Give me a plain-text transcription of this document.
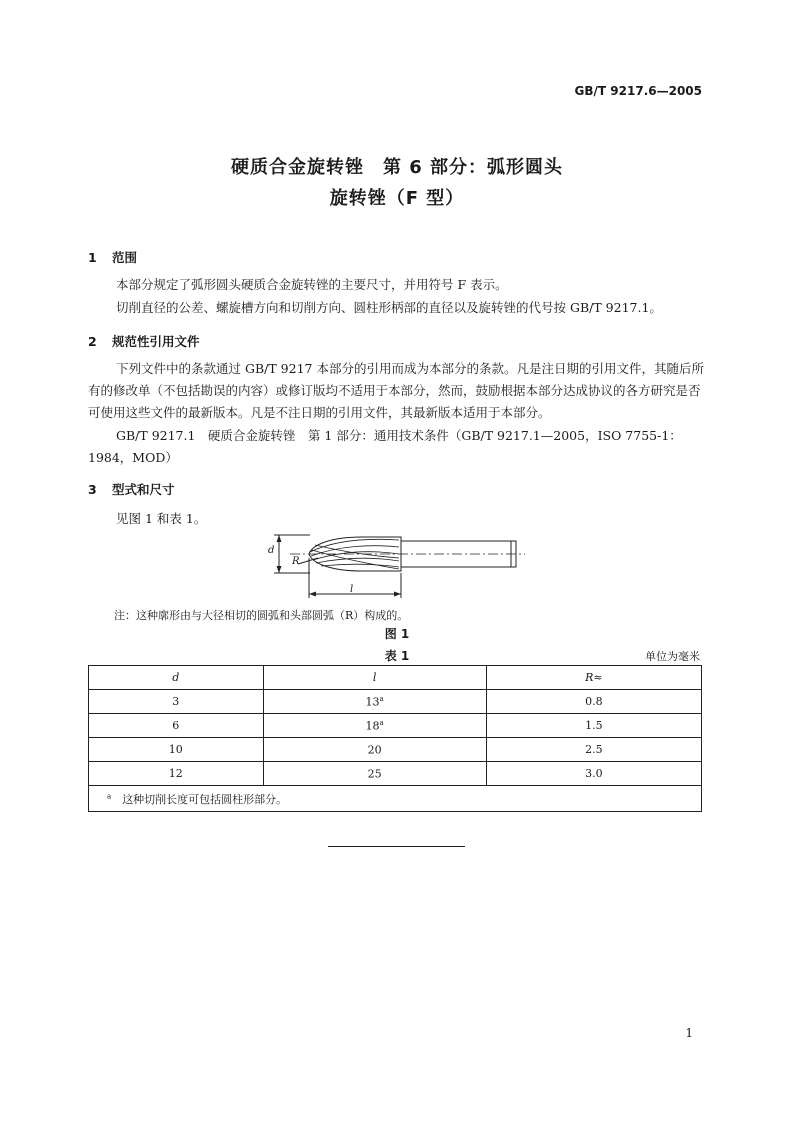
GB/T 9217.6—2005
硬质合金旋转锉　第 6 部分：弧形圆头
旋转锉（F 型）
1 范围
本部分规定了弧形圆头硬质合金旋转锉的主要尺寸，并用符号 F 表示。
切削直径的公差、螺旋槽方向和切削方向、圆柱形柄部的直径以及旋转锉的代号按 GB/T 9217.1。
2 规范性引用文件
下列文件中的条款通过 GB/T 9217 本部分的引用而成为本部分的条款。凡是注日期的引用文件，其随后所有的修改单（不包括勘误的内容）或修订版均不适用于本部分，然而，鼓励根据本部分达成协议的各方研究是否可使用这些文件的最新版本。凡是不注日期的引用文件，其最新版本适用于本部分。
GB/T 9217.1　硬质合金旋转锉　第 1 部分：通用技术条件（GB/T 9217.1—2005，ISO 7755-1：1984，MOD）
3 型式和尺寸
见图 1 和表 1。
d
R
l
注：这种廓形由与大径相切的圆弧和头部圆弧（R）构成的。
图 1
表 1	单位为毫米
d	l	R≈
3	13$^a$	0.8
6	18$^a$	1.5
10	20	2.5
12	25	3.0
$^a$  这种切削长度可包括圆柱形部分。		
1
